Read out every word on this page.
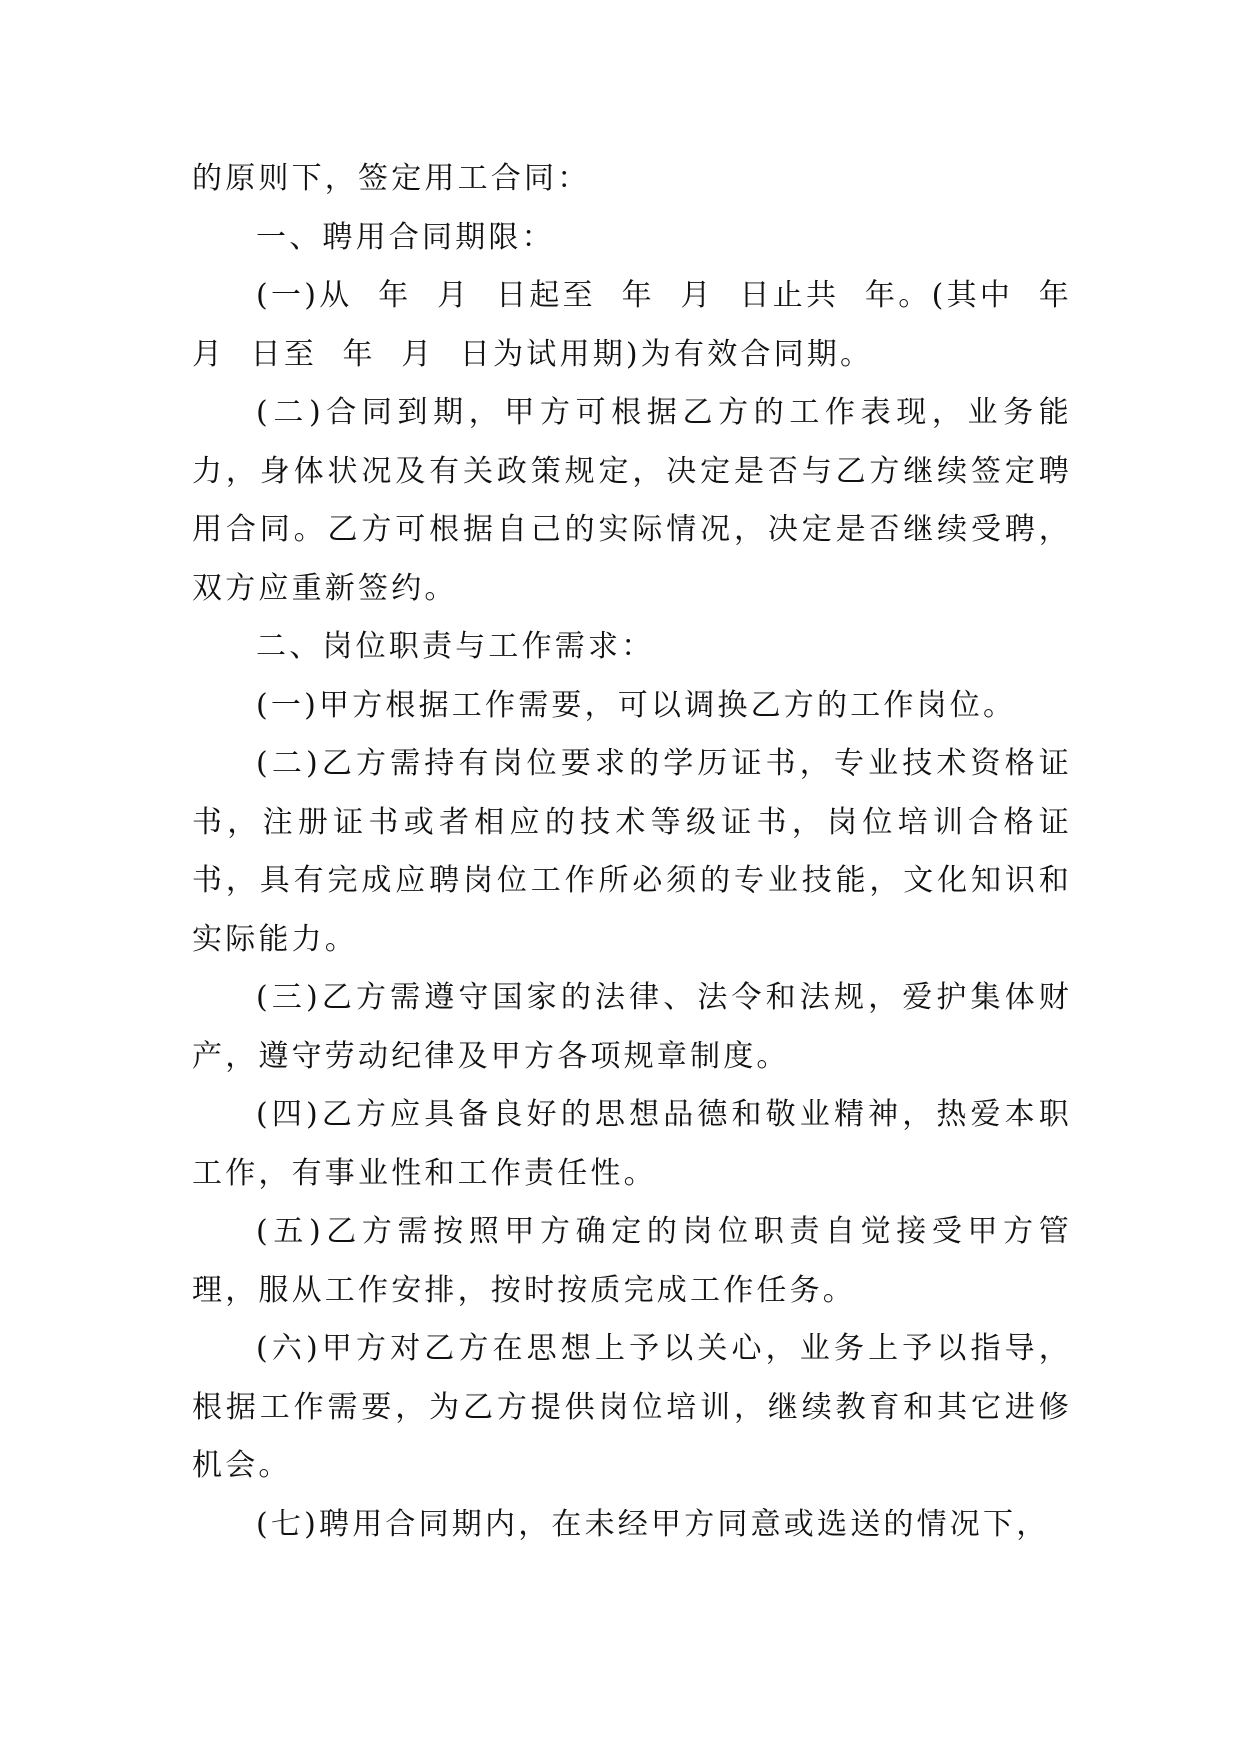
的原则下，签定用工合同：

一、聘用合同期限：

(一)从  年  月  日起至  年  月  日止共  年。(其中  年  月  日至  年  月  日为试用期)为有效合同期。

(二)合同到期，甲方可根据乙方的工作表现，业务能力，身体状况及有关政策规定，决定是否与乙方继续签定聘用合同。乙方可根据自己的实际情况，决定是否继续受聘，双方应重新签约。

二、岗位职责与工作需求：

(一)甲方根据工作需要，可以调换乙方的工作岗位。

(二)乙方需持有岗位要求的学历证书，专业技术资格证书，注册证书或者相应的技术等级证书，岗位培训合格证书，具有完成应聘岗位工作所必须的专业技能，文化知识和实际能力。

(三)乙方需遵守国家的法律、法令和法规，爱护集体财产，遵守劳动纪律及甲方各项规章制度。

(四)乙方应具备良好的思想品德和敬业精神，热爱本职工作，有事业性和工作责任性。

(五)乙方需按照甲方确定的岗位职责自觉接受甲方管理，服从工作安排，按时按质完成工作任务。

(六)甲方对乙方在思想上予以关心，业务上予以指导，根据工作需要，为乙方提供岗位培训，继续教育和其它进修机会。

(七)聘用合同期内，在未经甲方同意或选送的情况下，
